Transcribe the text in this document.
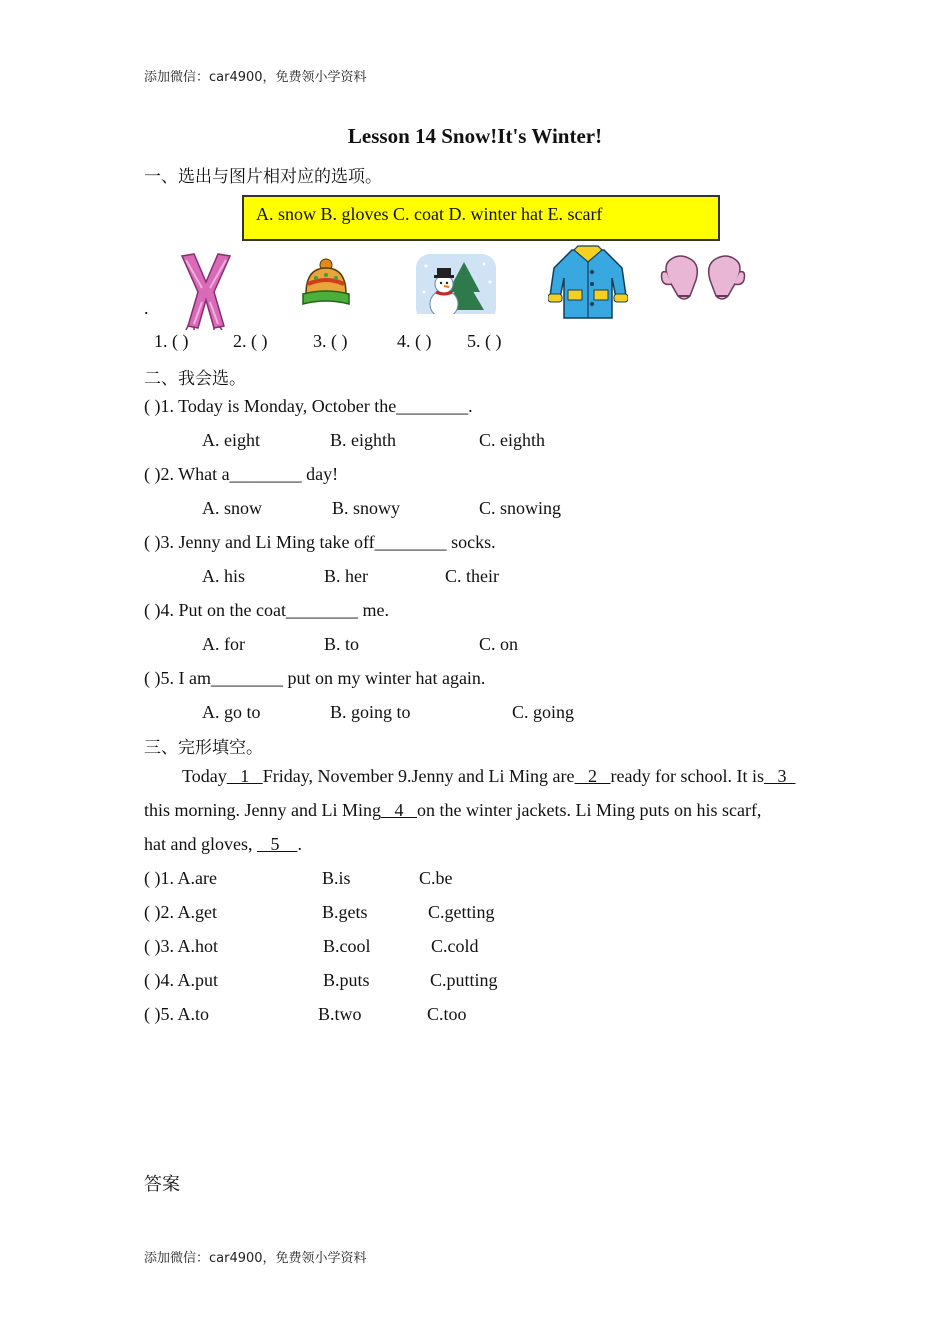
添加微信：car4900，免费领小学资料
Lesson 14 Snow!It's Winter!
一、选出与图片相对应的选项。
A. snow B. gloves C. coat D. winter hat E. scarf
.
1. ( ) 2. ( )	3. ( )	4. ( ) 5. ( )
二、我会选。
( )1. Today is Monday, October the________.
A. eight	B. eighth	C. eighth
( )2. What a________ day!
A. snow	B. snowy	C. snowing
( )3. Jenny and Li Ming take off________ socks.
A. his	B. her	C. their
( )4. Put on the coat________ me.
A. for	B. to	C. on
( )5. I am________ put on my winter hat again.
A. go to	B. going to	C. going
三、完形填空。
Today   1   Friday, November 9.Jenny and Li Ming are   2   ready for school. It is   3
this morning. Jenny and Li Ming   4   on the winter jackets. Li Ming puts on his scarf,
hat and gloves,    5    .
( )1. A.are	B.is	C.be
( )2. A.get	B.gets	C.getting
( )3. A.hot	B.cool	C.cold
( )4. A.put	B.puts	C.putting
( )5. A.to	B.two	C.too
答案
添加微信：car4900，免费领小学资料
